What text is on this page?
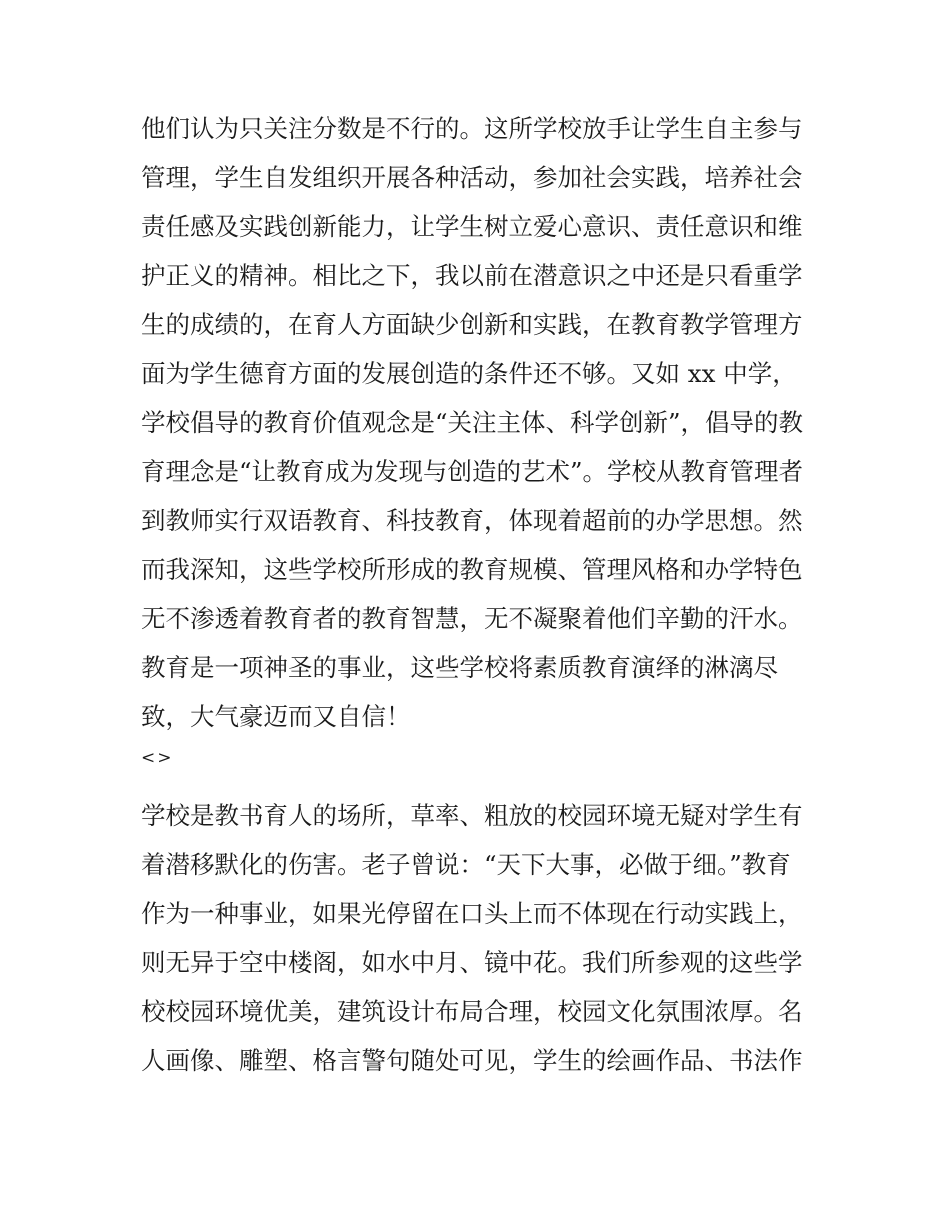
他们认为只关注分数是不行的。这所学校放手让学生自主参与
管理，学生自发组织开展各种活动，参加社会实践，培养社会
责任感及实践创新能力，让学生树立爱心意识、责任意识和维
护正义的精神。相比之下，我以前在潜意识之中还是只看重学
生的成绩的，在育人方面缺少创新和实践，在教育教学管理方
面为学生德育方面的发展创造的条件还不够。又如 xx 中学，
学校倡导的教育价值观念是“关注主体、科学创新”，倡导的教
育理念是“让教育成为发现与创造的艺术”。学校从教育管理者
到教师实行双语教育、科技教育，体现着超前的办学思想。然
而我深知，这些学校所形成的教育规模、管理风格和办学特色
无不渗透着教育者的教育智慧，无不凝聚着他们辛勤的汗水。
教育是一项神圣的事业，这些学校将素质教育演绎的淋漓尽
致，大气豪迈而又自信！
<>
学校是教书育人的场所，草率、粗放的校园环境无疑对学生有
着潜移默化的伤害。老子曾说：“天下大事，必做于细。”教育
作为一种事业，如果光停留在口头上而不体现在行动实践上，
则无异于空中楼阁，如水中月、镜中花。我们所参观的这些学
校校园环境优美，建筑设计布局合理，校园文化氛围浓厚。名
人画像、雕塑、格言警句随处可见，学生的绘画作品、书法作
